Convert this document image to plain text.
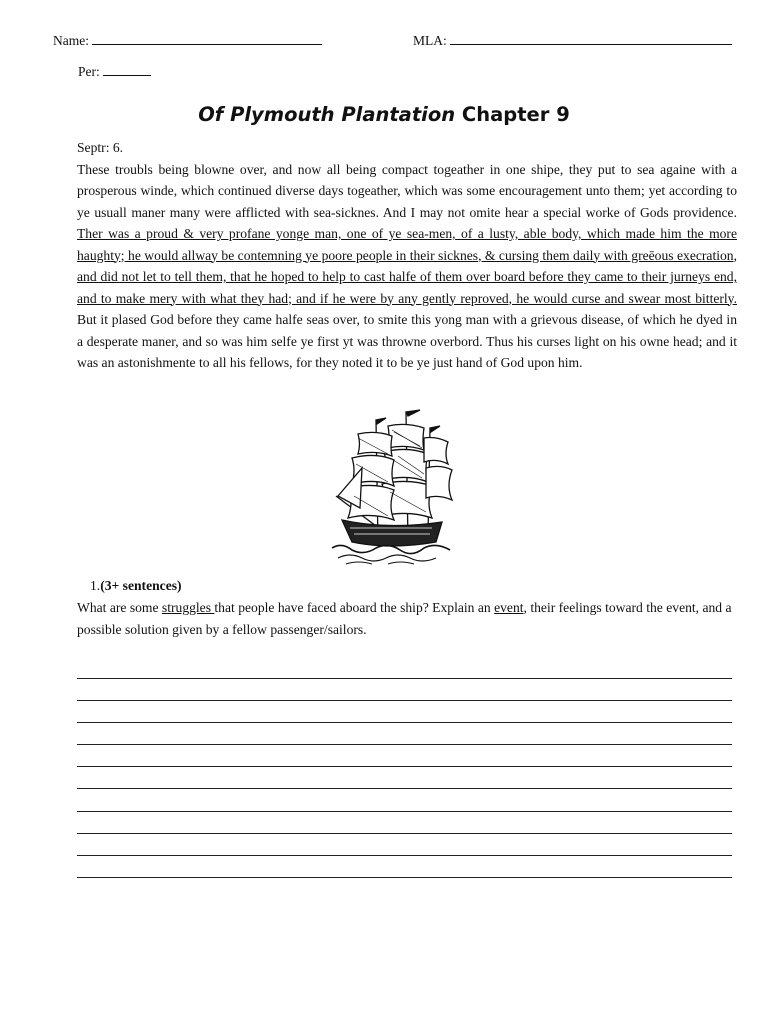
Name:	MLA:
Per:
Of Plymouth Plantation Chapter 9

Septr: 6.

These troubls being blowne over, and now all being compact togeather in one shipe, they put to sea againe with a prosperous winde, which continued diverse days togeather, which was some encouragement unto them; yet according to ye usuall maner many were afflicted with sea-sicknes. And I may not omite hear a special worke of Gods providence. Ther was a proud & very profane yonge man, one of ye sea-men, of a lusty, able body, which made him the more haughty; he would allway be contemning ye poore people in their sicknes, & cursing them daily with greēous execration, and did not let to tell them, that he hoped to help to cast halfe of them over board before they came to their jurneys end, and to make mery with what they had; and if he were by any gently reproved, he would curse and swear most bitterly. But it plased God before they came halfe seas over, to smite this yong man with a grievous disease, of which he dyed in a desperate maner, and so was him selfe ye first yt was throwne overbord. Thus his curses light on his owne head; and it was an astonishmente to all his fellows, for they noted it to be ye just hand of God upon him.

1.(3+ sentences)
What are some struggles that people have faced aboard the ship? Explain an event, their feelings toward the event, and a possible solution given by a fellow passenger/sailors.
